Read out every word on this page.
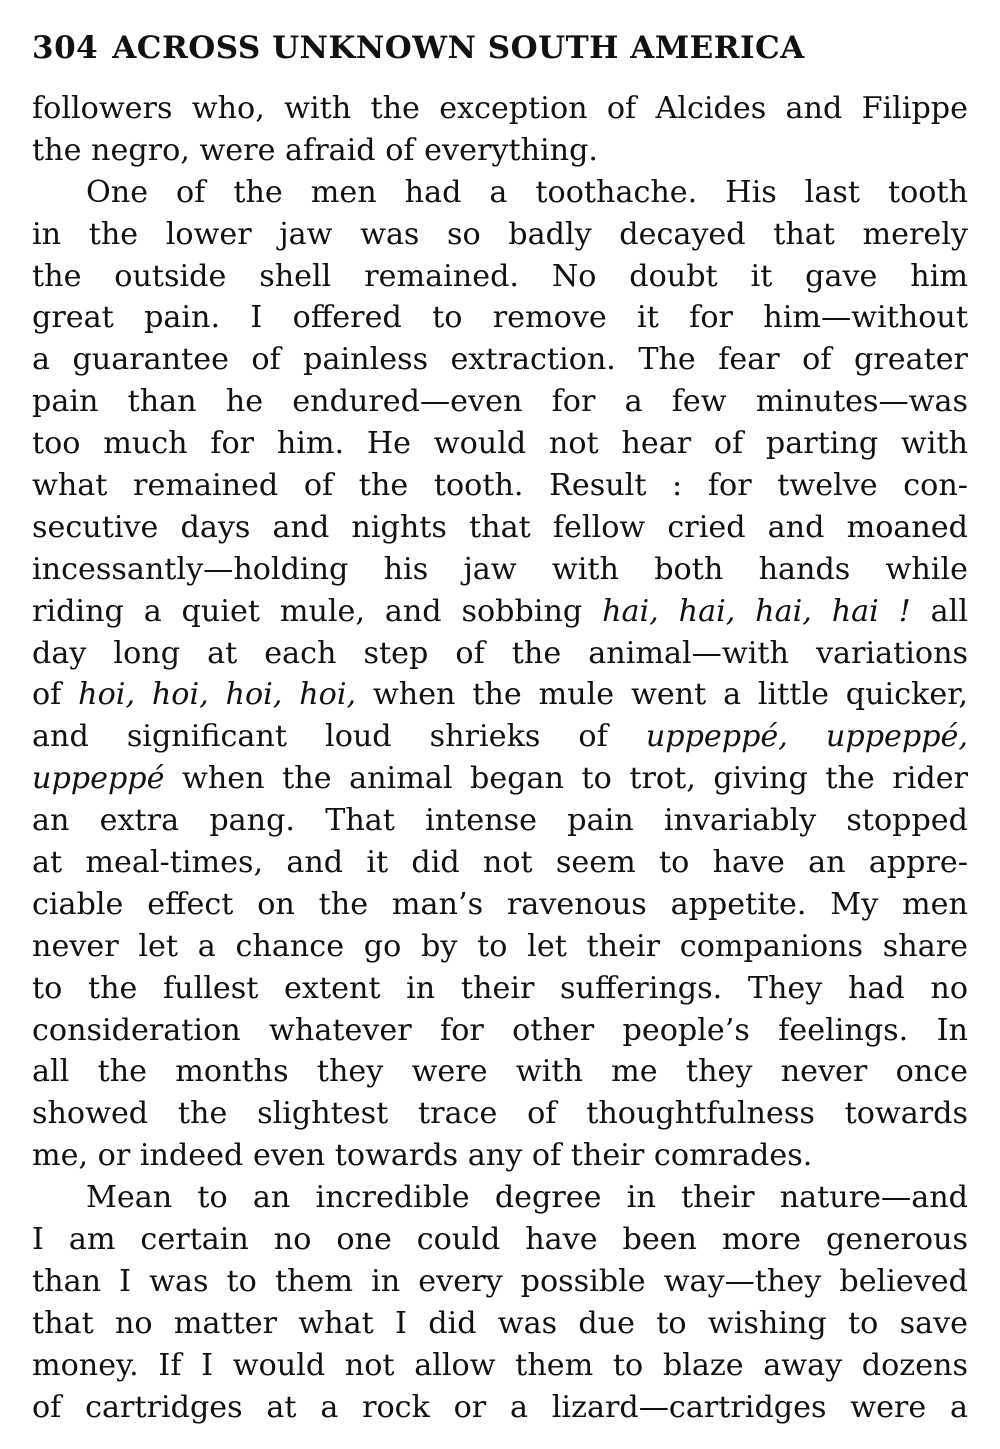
304 ACROSS UNKNOWN SOUTH AMERICA
followers who, with the exception of Alcides and Filippe
the negro, were afraid of everything.
One of the men had a toothache. His last tooth
in the lower jaw was so badly decayed that merely
the outside shell remained. No doubt it gave him
great pain. I offered to remove it for him—without
a guarantee of painless extraction. The fear of greater
pain than he endured—even for a few minutes—was
too much for him. He would not hear of parting with
what remained of the tooth. Result : for twelve con-
secutive days and nights that fellow cried and moaned
incessantly—holding his jaw with both hands while
riding a quiet mule, and sobbing hai, hai, hai, hai ! all
day long at each step of the animal—with variations
of hoi, hoi, hoi, hoi, when the mule went a little quicker,
and significant loud shrieks of uppeppé, uppeppé,
uppeppé when the animal began to trot, giving the rider
an extra pang. That intense pain invariably stopped
at meal-times, and it did not seem to have an appre-
ciable effect on the man’s ravenous appetite. My men
never let a chance go by to let their companions share
to the fullest extent in their sufferings. They had no
consideration whatever for other people’s feelings. In
all the months they were with me they never once
showed the slightest trace of thoughtfulness towards
me, or indeed even towards any of their comrades.
Mean to an incredible degree in their nature—and
I am certain no one could have been more generous
than I was to them in every possible way—they believed
that no matter what I did was due to wishing to save
money. If I would not allow them to blaze away dozens
of cartridges at a rock or a lizard—cartridges were a
